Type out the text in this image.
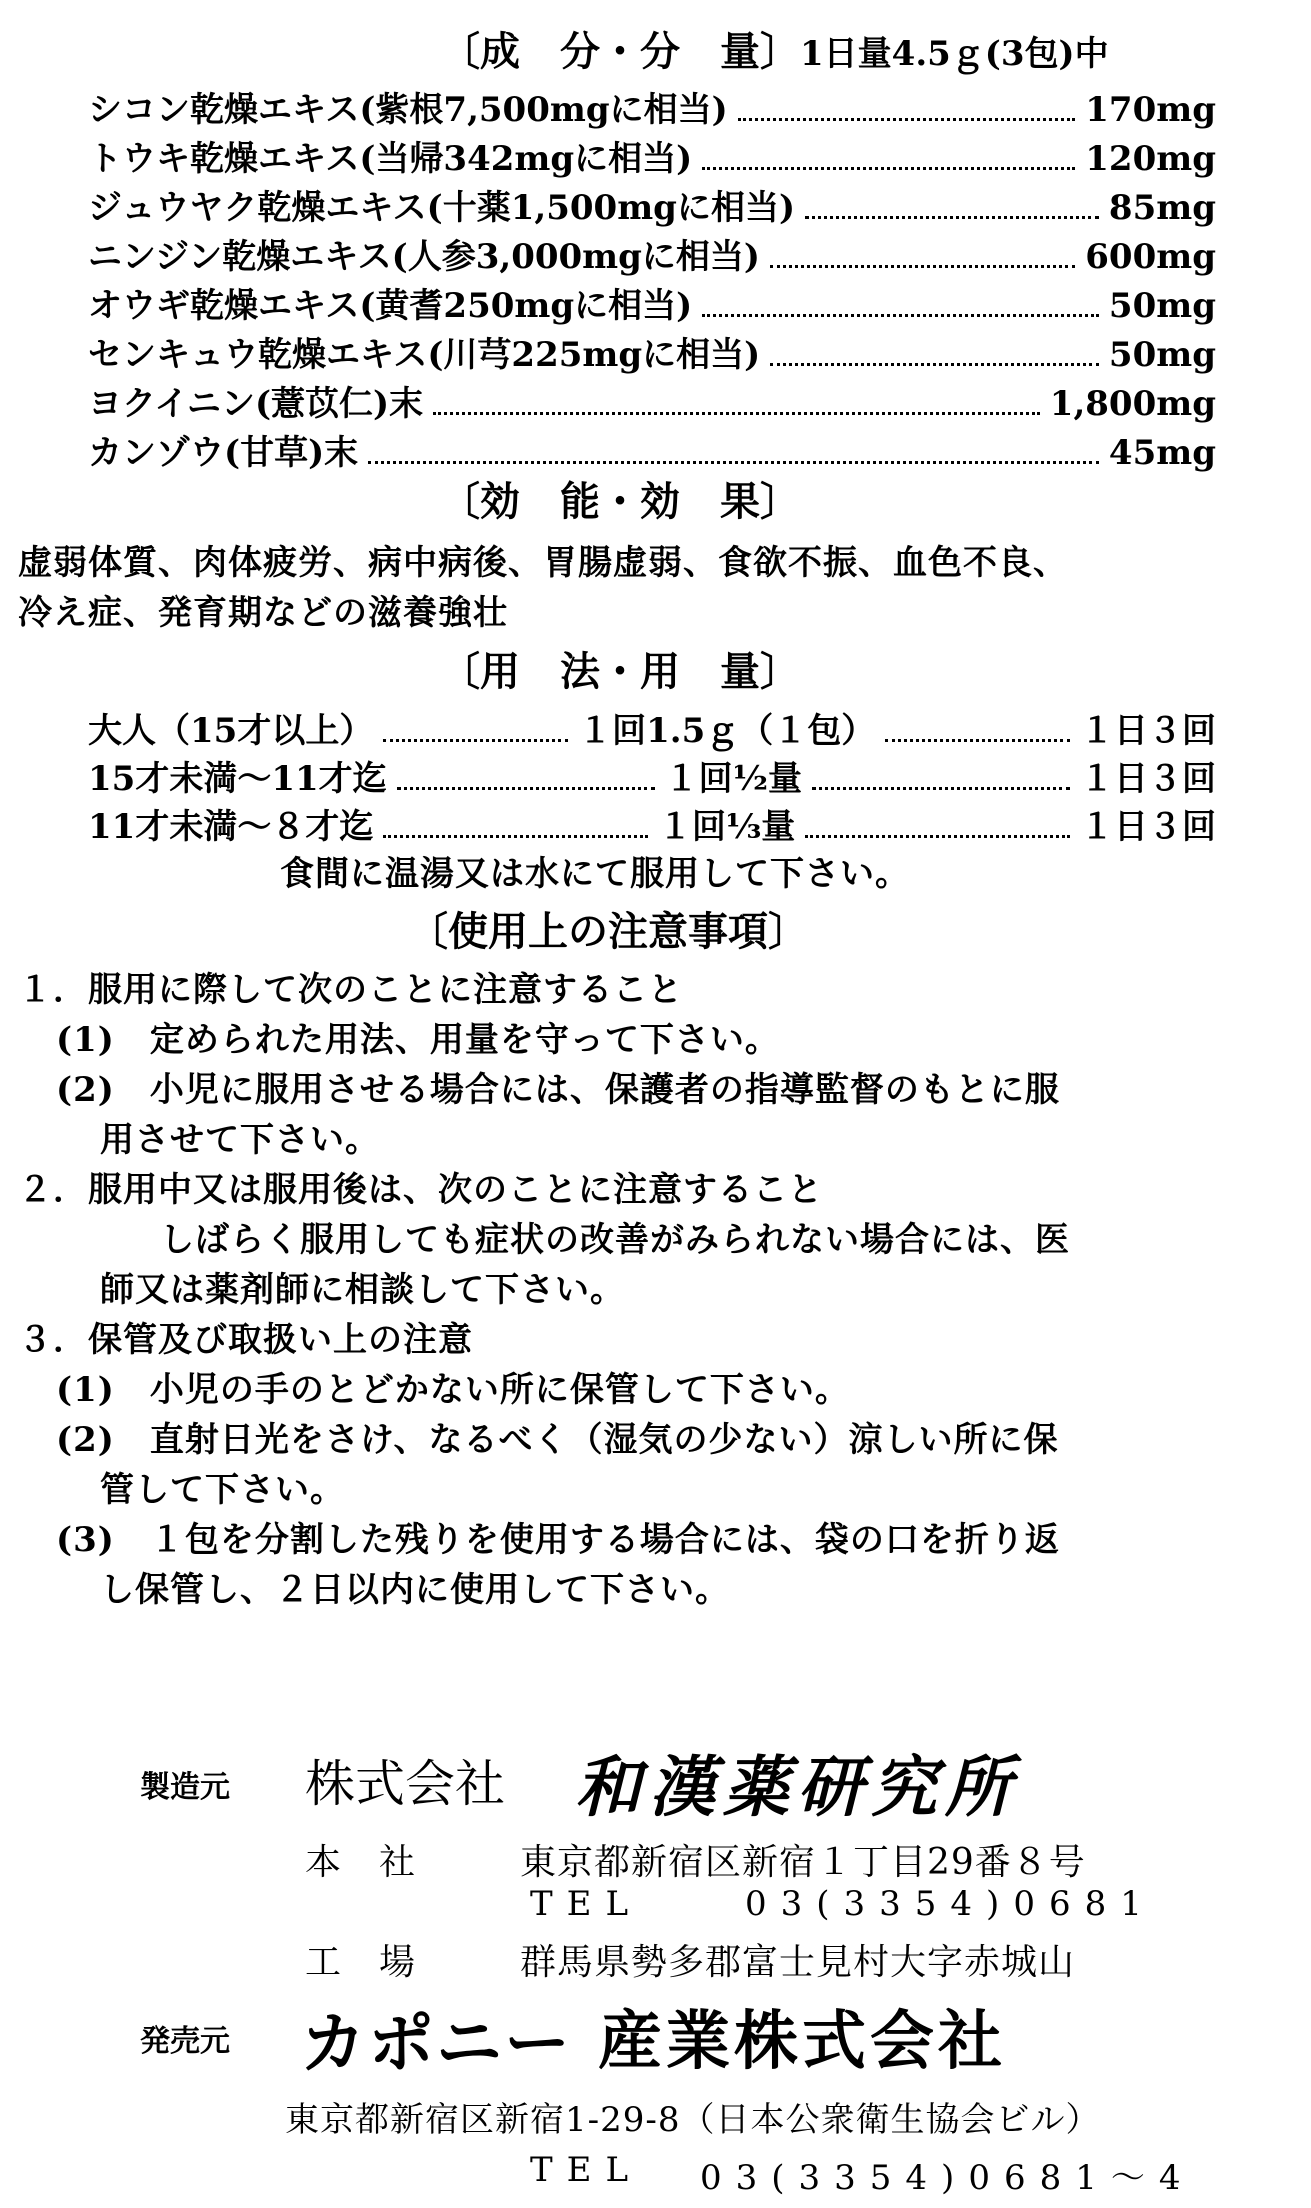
〔成　分・分　量〕1日量4.5ｇ(3包)中
シコン乾燥エキス(紫根7,500mgに相当)	170mg
トウキ乾燥エキス(当帰342mgに相当)	120mg
ジュウヤク乾燥エキス(十薬1,500mgに相当)	85mg
ニンジン乾燥エキス(人参3,000mgに相当)	600mg
オウギ乾燥エキス(黄耆250mgに相当)	50mg
センキュウ乾燥エキス(川芎225mgに相当)	50mg
ヨクイニン(薏苡仁)末	1,800mg
カンゾウ(甘草)末	45mg
〔効　能・効　果〕
虚弱体質、肉体疲労、病中病後、胃腸虚弱、食欲不振、血色不良、
冷え症、発育期などの滋養強壮
〔用　法・用　量〕
大人（15才以上）	１回1.5ｇ（１包）	１日３回
15才未満～11才迄	１回½量	１日３回
11才未満～８才迄	１回⅓量	１日３回
食間に温湯又は水にて服用して下さい。
〔使用上の注意事項〕
１．服用に際して次のことに注意すること
(1)　定められた用法、用量を守って下さい。
(2)　小児に服用させる場合には、保護者の指導監督のもとに服
用させて下さい。
２．服用中又は服用後は、次のことに注意すること
しばらく服用しても症状の改善がみられない場合には、医
師又は薬剤師に相談して下さい。
３．保管及び取扱い上の注意
(1)　小児の手のとどかない所に保管して下さい。
(2)　直射日光をさけ、なるべく（湿気の少ない）涼しい所に保
管して下さい。
(3)　１包を分割した残りを使用する場合には、袋の口を折り返
し保管し、２日以内に使用して下さい。
製造元 株式会社 和漢薬研究所
本　社	東京都新宿区新宿１丁目29番８号
TEL	03(3354)0681
工　場	群馬県勢多郡富士見村大字赤城山
発売元 カポニー 産業株式会社
東京都新宿区新宿1-29-8（日本公衆衛生協会ビル）
TEL 03(3354)0681～4
